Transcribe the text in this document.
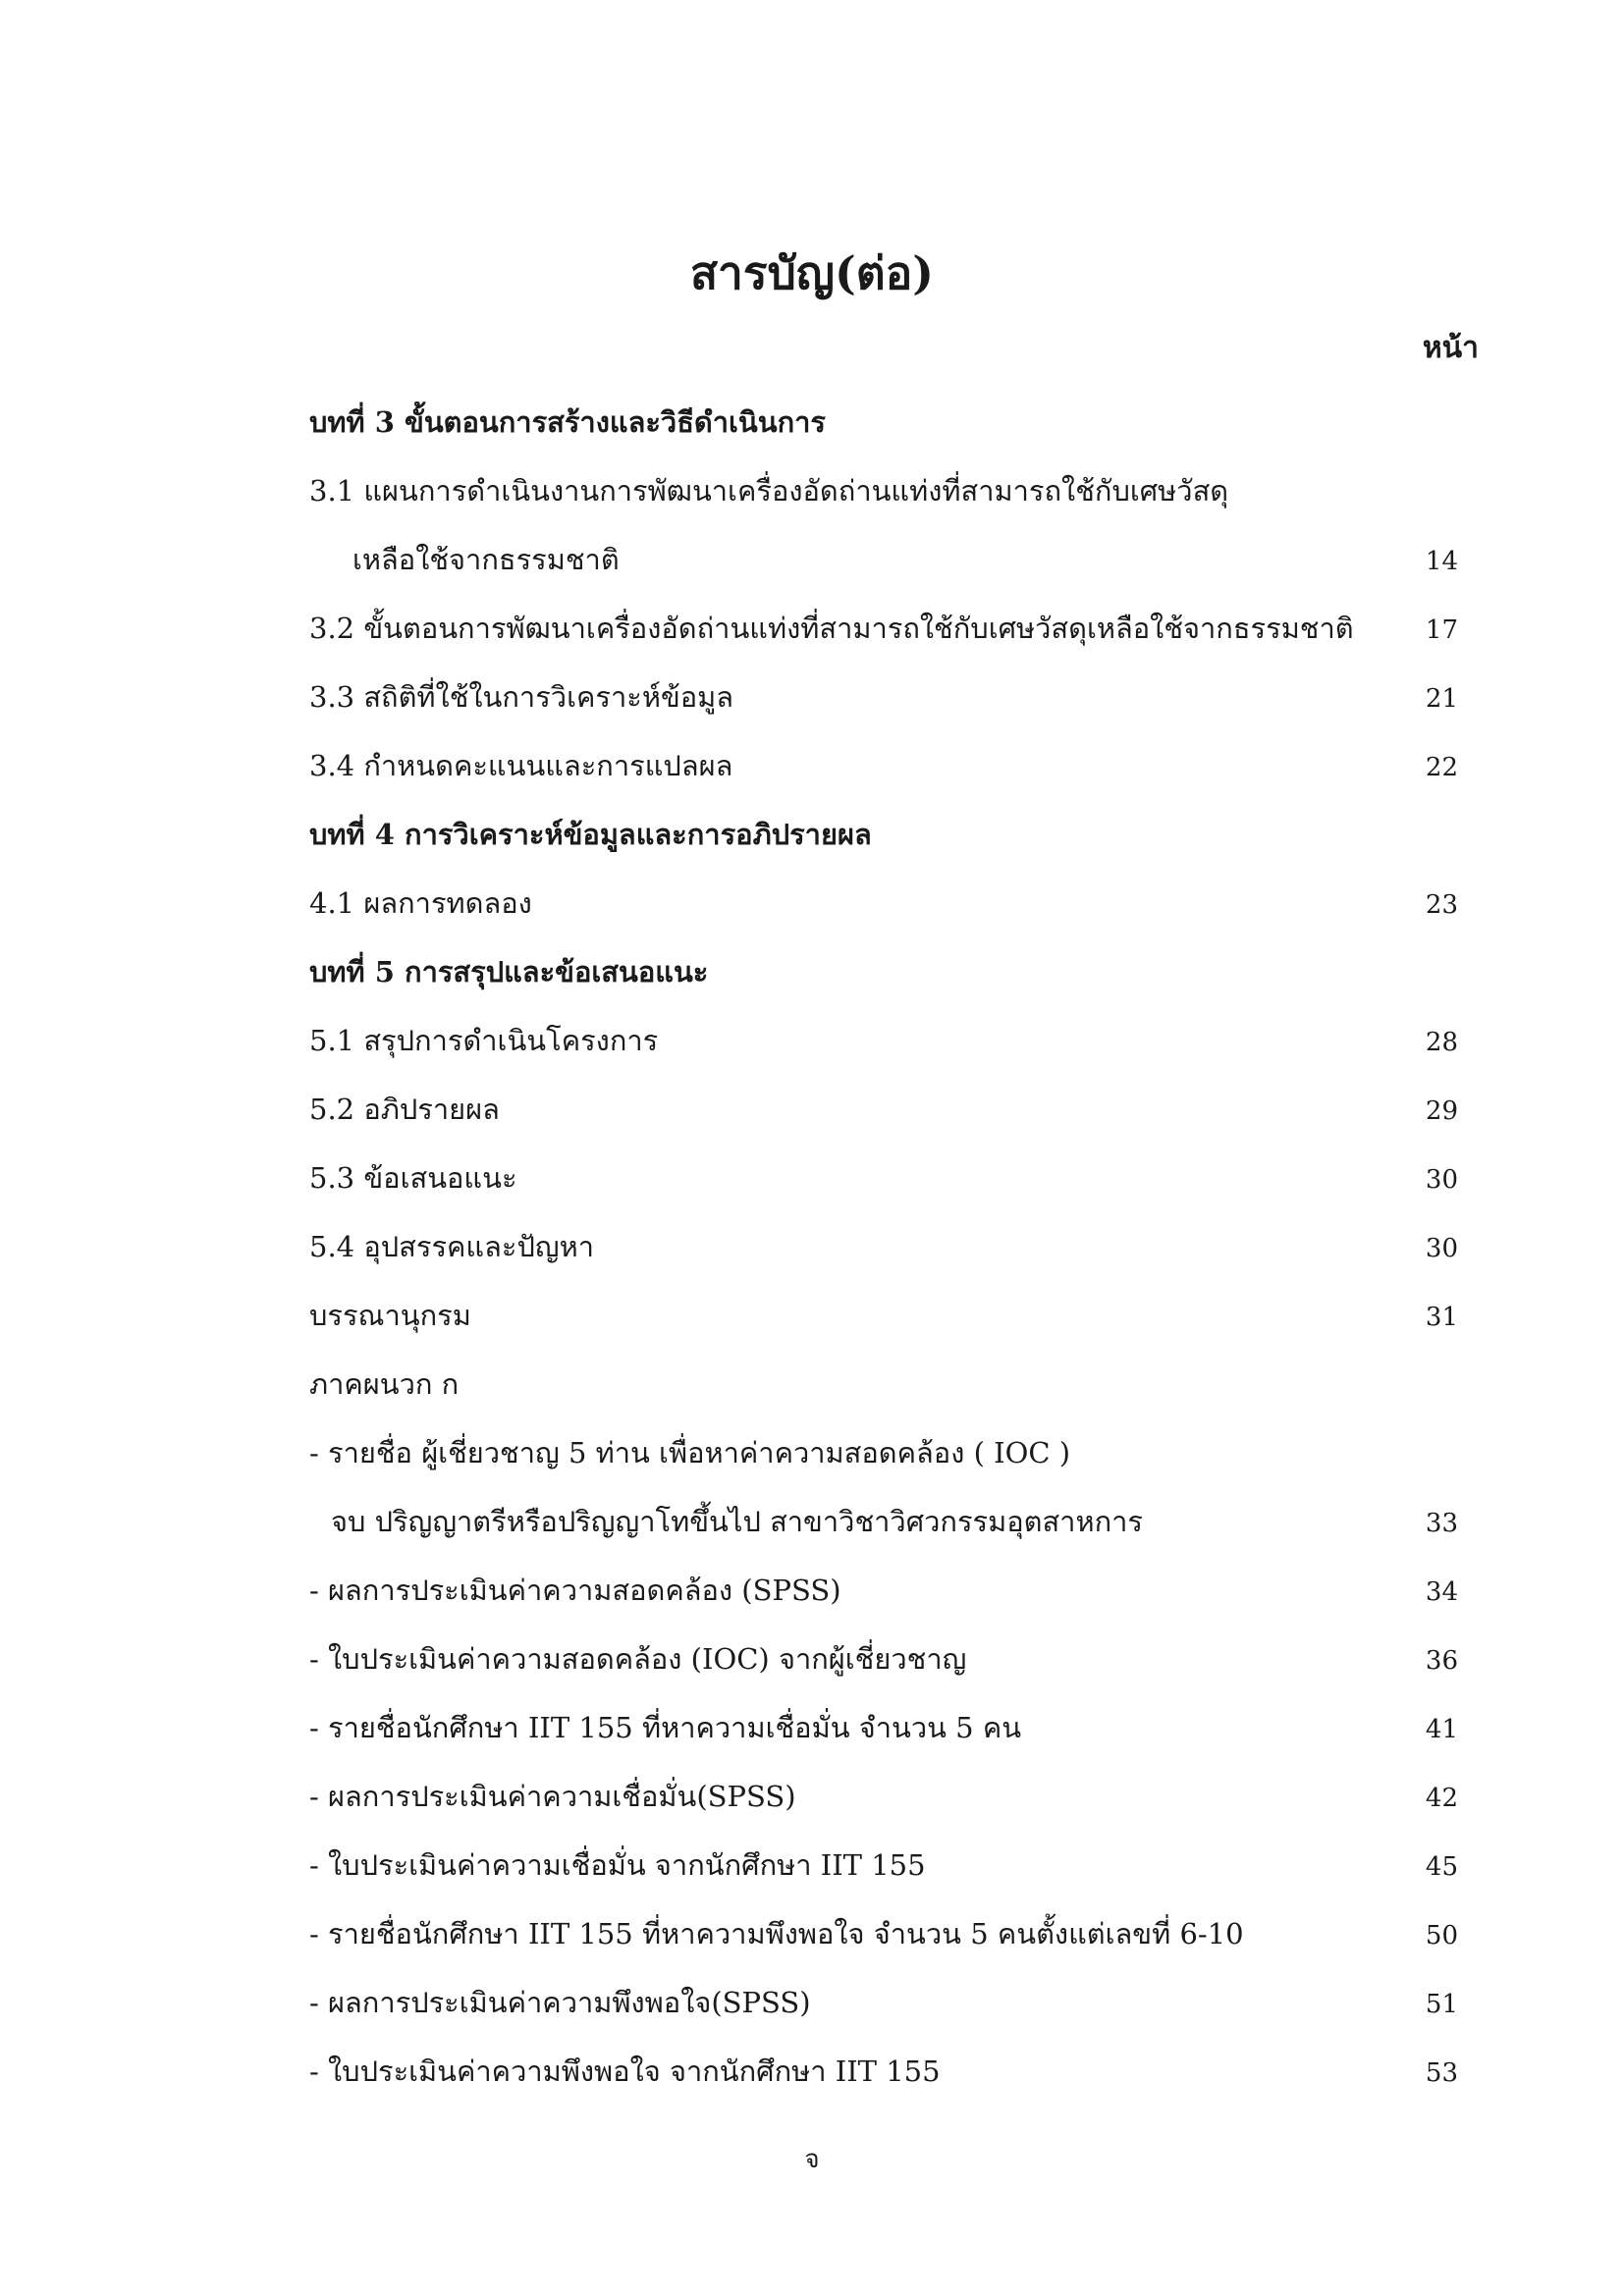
สารบัญ(ต่อ)
หน้า
บทที่ 3 ขั้นตอนการสร้างและวิธีดำเนินการ
3.1 แผนการดำเนินงานการพัฒนาเครื่องอัดถ่านแท่งที่สามารถใช้กับเศษวัสดุ
เหลือใช้จากธรรมชาติ	14
3.2 ขั้นตอนการพัฒนาเครื่องอัดถ่านแท่งที่สามารถใช้กับเศษวัสดุเหลือใช้จากธรรมชาติ	17
3.3 สถิติที่ใช้ในการวิเคราะห์ข้อมูล	21
3.4 กำหนดคะแนนและการแปลผล	22
บทที่ 4 การวิเคราะห์ข้อมูลและการอภิปรายผล
4.1 ผลการทดลอง	23
บทที่ 5 การสรุปและข้อเสนอแนะ
5.1 สรุปการดำเนินโครงการ	28
5.2 อภิปรายผล	29
5.3 ข้อเสนอแนะ	30
5.4 อุปสรรคและปัญหา	30
บรรณานุกรม	31
ภาคผนวก ก
- รายชื่อ ผู้เชี่ยวชาญ 5 ท่าน เพื่อหาค่าความสอดคล้อง ( IOC )
จบ ปริญญาตรีหรือปริญญาโทขึ้นไป สาขาวิชาวิศวกรรมอุตสาหการ	33
- ผลการประเมินค่าความสอดคล้อง (SPSS)	34
- ใบประเมินค่าความสอดคล้อง (IOC) จากผู้เชี่ยวชาญ	36
- รายชื่อนักศึกษา IIT 155 ที่หาความเชื่อมั่น จำนวน 5 คน	41
- ผลการประเมินค่าความเชื่อมั่น(SPSS)	42
- ใบประเมินค่าความเชื่อมั่น จากนักศึกษา IIT 155	45
- รายชื่อนักศึกษา IIT 155 ที่หาความพึงพอใจ จำนวน 5 คนตั้งแต่เลขที่ 6-10	50
- ผลการประเมินค่าความพึงพอใจ(SPSS)	51
- ใบประเมินค่าความพึงพอใจ จากนักศึกษา IIT 155	53
จ
